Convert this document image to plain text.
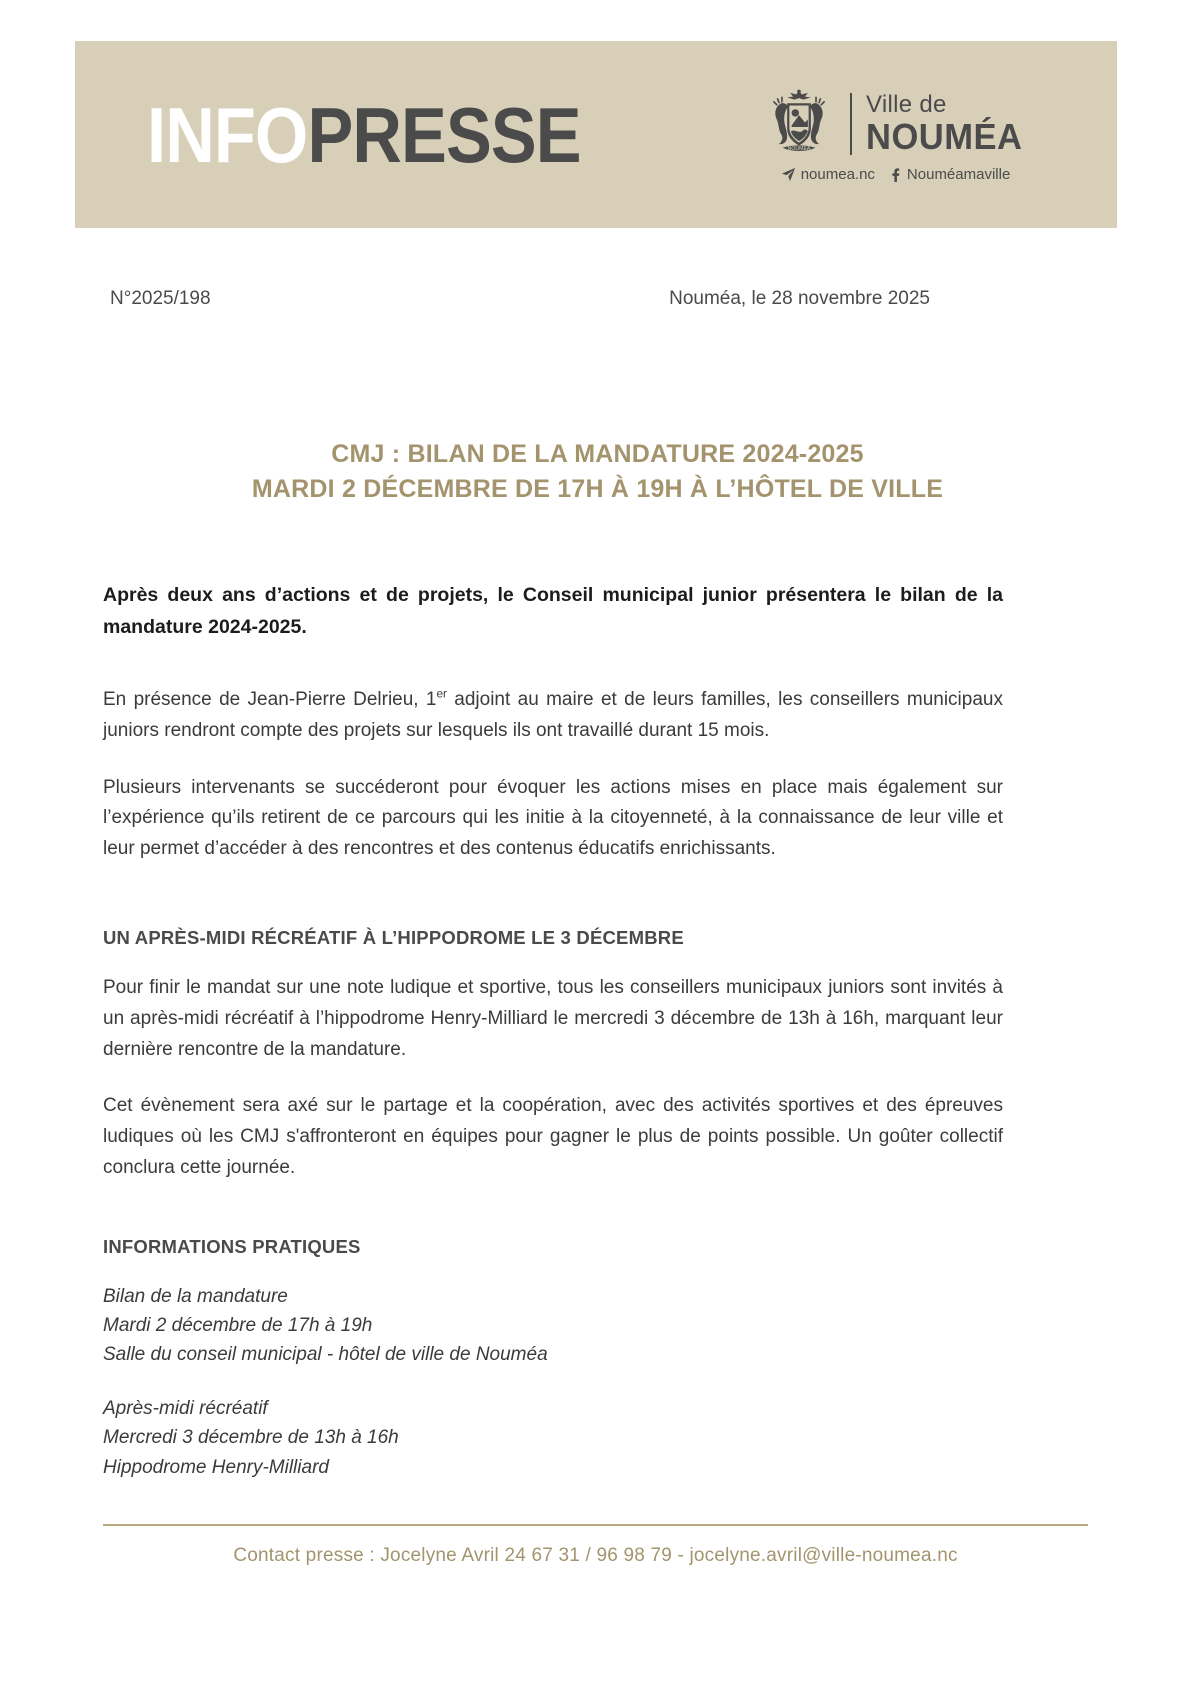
INFOPRESSE	NOUMEA
Ville de
NOUMÉA
noumea.nc Nouméamaville
N°2025/198	Nouméa, le 28 novembre 2025
CMJ : BILAN DE LA MANDATURE 2024-2025
MARDI 2 DÉCEMBRE DE 17H À 19H À L’HÔTEL DE VILLE

Après deux ans d’actions et de projets, le Conseil municipal junior présentera le bilan de la mandature 2024-2025.

En présence de Jean-Pierre Delrieu, 1er adjoint au maire et de leurs familles, les conseillers municipaux juniors rendront compte des projets sur lesquels ils ont travaillé durant 15 mois.

Plusieurs intervenants se succéderont pour évoquer les actions mises en place mais également sur l’expérience qu’ils retirent de ce parcours qui les initie à la citoyenneté, à la connaissance de leur ville et leur permet d’accéder à des rencontres et des contenus éducatifs enrichissants.

UN APRÈS-MIDI RÉCRÉATIF À L’HIPPODROME LE 3 DÉCEMBRE

Pour finir le mandat sur une note ludique et sportive, tous les conseillers municipaux juniors sont invités à un après-midi récréatif à l’hippodrome Henry-Milliard le mercredi 3 décembre de 13h à 16h, marquant leur dernière rencontre de la mandature.

Cet évènement sera axé sur le partage et la coopération, avec des activités sportives et des épreuves ludiques où les CMJ s'affronteront en équipes pour gagner le plus de points possible. Un goûter collectif conclura cette journée.

INFORMATIONS PRATIQUES
Bilan de la mandature
Mardi 2 décembre de 17h à 19h
Salle du conseil municipal - hôtel de ville de Nouméa
Après-midi récréatif
Mercredi 3 décembre de 13h à 16h
Hippodrome Henry-Milliard
Contact presse : Jocelyne Avril 24 67 31 / 96 98 79 - jocelyne.avril@ville-noumea.nc
